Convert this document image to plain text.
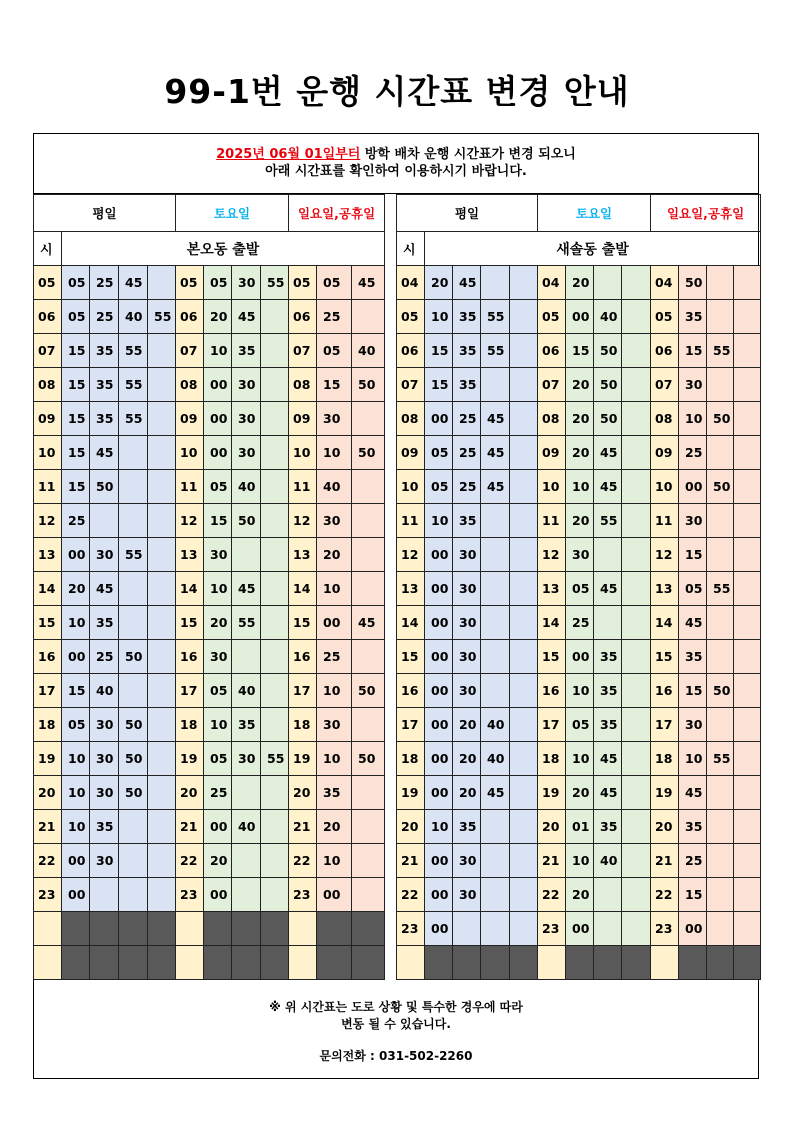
99-1번 운행 시간표 변경 안내
2025년 06월 01일부터 방학 배차 운행 시간표가 변경 되오니
아래 시간표를 확인하여 이용하시기 바랍니다.
평일					토요일				일요일,공휴일		
시	본오동 출발										
05	05	25	45		05	05	30	55	05	05	45
06	05	25	40	55	06	20	45		06	25	
07	15	35	55		07	10	35		07	05	40
08	15	35	55		08	00	30		08	15	50
09	15	35	55		09	00	30		09	30	
10	15	45			10	00	30		10	10	50
11	15	50			11	05	40		11	40	
12	25				12	15	50		12	30	
13	00	30	55		13	30			13	20	
14	20	45			14	10	45		14	10	
15	10	35			15	20	55		15	00	45
16	00	25	50		16	30			16	25	
17	15	40			17	05	40		17	10	50
18	05	30	50		18	10	35		18	30	
19	10	30	50		19	05	30	55	19	10	50
20	10	30	50		20	25			20	35	
21	10	35			21	00	40		21	20	
22	00	30			22	20			22	10	
23	00				23	00			23	00	

평일					토요일				일요일,공휴일			
시	새솔동 출발											
04	20	45			04	20			04	50		
05	10	35	55		05	00	40		05	35		
06	15	35	55		06	15	50		06	15	55	
07	15	35			07	20	50		07	30		
08	00	25	45		08	20	50		08	10	50	
09	05	25	45		09	20	45		09	25		
10	05	25	45		10	10	45		10	00	50	
11	10	35			11	20	55		11	30		
12	00	30			12	30			12	15		
13	00	30			13	05	45		13	05	55	
14	00	30			14	25			14	45		
15	00	30			15	00	35		15	35		
16	00	30			16	10	35		16	15	50	
17	00	20	40		17	05	35		17	30		
18	00	20	40		18	10	45		18	10	55	
19	00	20	45		19	20	45		19	45		
20	10	35			20	01	35		20	35		
21	00	30			21	10	40		21	25		
22	00	30			22	20			22	15		
23	00				23	00			23	00		

※ 위 시간표는 도로 상황 및 특수한 경우에 따라
변동 될 수 있습니다.
문의전화 : 031-502-2260
